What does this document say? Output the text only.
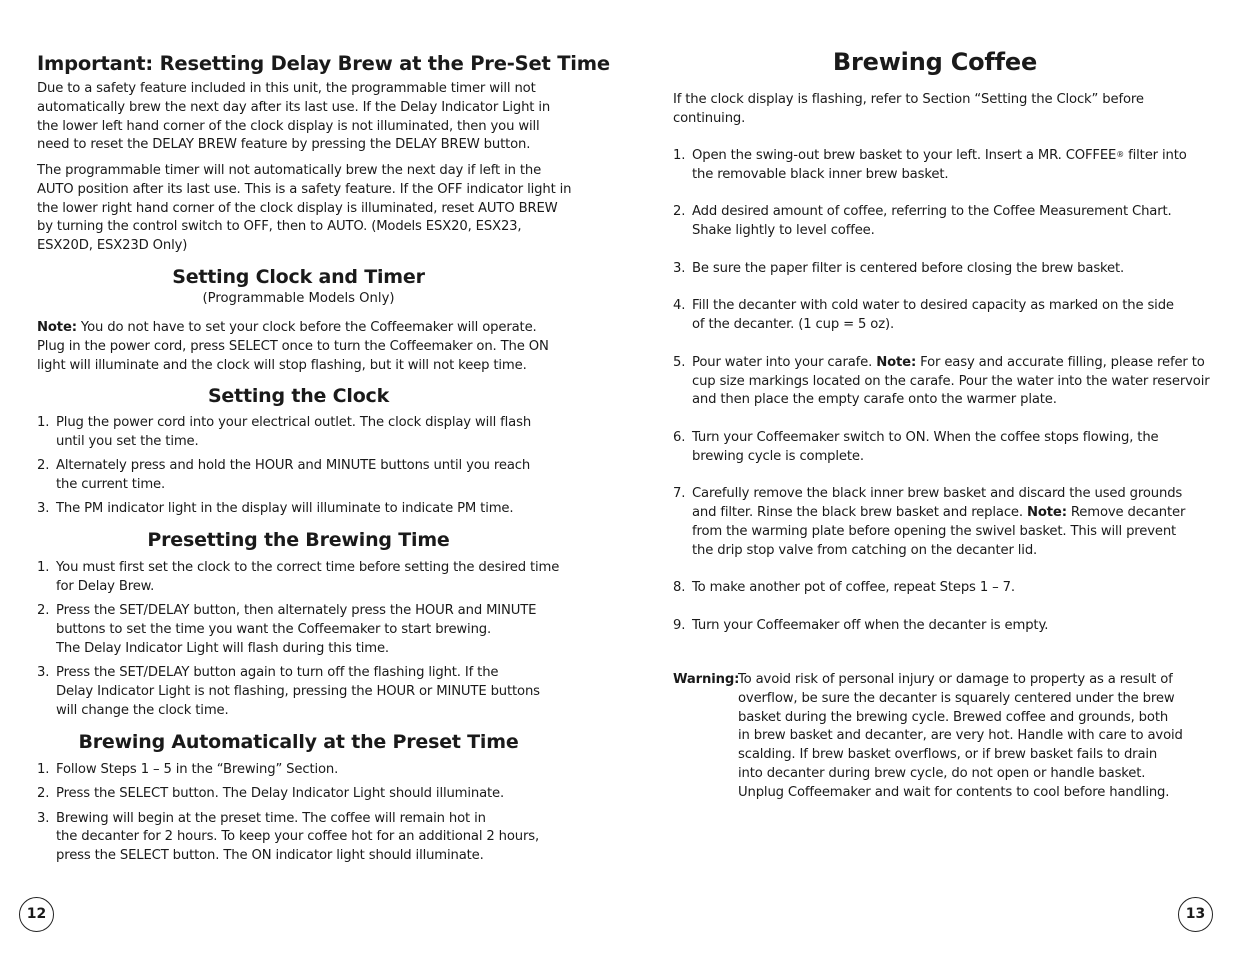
Important: Resetting Delay Brew at the Pre-Set Time

Due to a safety feature included in this unit, the programmable timer will not
automatically brew the next day after its last use. If the Delay Indicator Light in
the lower left hand corner of the clock display is not illuminated, then you will
need to reset the DELAY BREW feature by pressing the DELAY BREW button.

The programmable timer will not automatically brew the next day if left in the
AUTO position after its last use. This is a safety feature. If the OFF indicator light in
the lower right hand corner of the clock display is illuminated, reset AUTO BREW
by turning the control switch to OFF, then to AUTO. (Models ESX20, ESX23,
ESX20D, ESX23D Only)

Setting Clock and Timer
(Programmable Models Only)
Note: You do not have to set your clock before the Coffeemaker will operate.
Plug in the power cord, press SELECT once to turn the Coffeemaker on. The ON
light will illuminate and the clock will stop flashing, but it will not keep time.
Setting the Clock
1. Plug the power cord into your electrical outlet. The clock display will flash
until you set the time.
2. Alternately press and hold the HOUR and MINUTE buttons until you reach
the current time.
3. The PM indicator light in the display will illuminate to indicate PM time.
Presetting the Brewing Time
1. You must first set the clock to the correct time before setting the desired time
for Delay Brew.
2. Press the SET/DELAY button, then alternately press the HOUR and MINUTE
buttons to set the time you want the Coffeemaker to start brewing.
The Delay Indicator Light will flash during this time.
3. Press the SET/DELAY button again to turn off the flashing light. If the
Delay Indicator Light is not flashing, pressing the HOUR or MINUTE buttons
will change the clock time.
Brewing Automatically at the Preset Time
1. Follow Steps 1 – 5 in the “Brewing” Section.
2. Press the SELECT button. The Delay Indicator Light should illuminate.
3. Brewing will begin at the preset time. The coffee will remain hot in
the decanter for 2 hours. To keep your coffee hot for an additional 2 hours,
press the SELECT button. The ON indicator light should illuminate.
12
Brewing Coffee
If the clock display is flashing, refer to Section “Setting the Clock” before
continuing.
1. Open the swing-out brew basket to your left. Insert a MR. COFFEE® filter into
the removable black inner brew basket.
2. Add desired amount of coffee, referring to the Coffee Measurement Chart.
Shake lightly to level coffee.
3. Be sure the paper filter is centered before closing the brew basket.
4. Fill the decanter with cold water to desired capacity as marked on the side
of the decanter. (1 cup = 5 oz).
5. Pour water into your carafe. Note: For easy and accurate filling, please refer to
cup size markings located on the carafe. Pour the water into the water reservoir
and then place the empty carafe onto the warmer plate.
6. Turn your Coffeemaker switch to ON. When the coffee stops flowing, the
brewing cycle is complete.
7. Carefully remove the black inner brew basket and discard the used grounds
and filter. Rinse the black brew basket and replace. Note: Remove decanter
from the warming plate before opening the swivel basket. This will prevent
the drip stop valve from catching on the decanter lid.
8. To make another pot of coffee, repeat Steps 1 – 7.
9. Turn your Coffeemaker off when the decanter is empty.
Warning:
To avoid risk of personal injury or damage to property as a result of
overflow, be sure the decanter is squarely centered under the brew
basket during the brewing cycle. Brewed coffee and grounds, both
in brew basket and decanter, are very hot. Handle with care to avoid
scalding. If brew basket overflows, or if brew basket fails to drain
into decanter during brew cycle, do not open or handle basket.
Unplug Coffeemaker and wait for contents to cool before handling.
13
